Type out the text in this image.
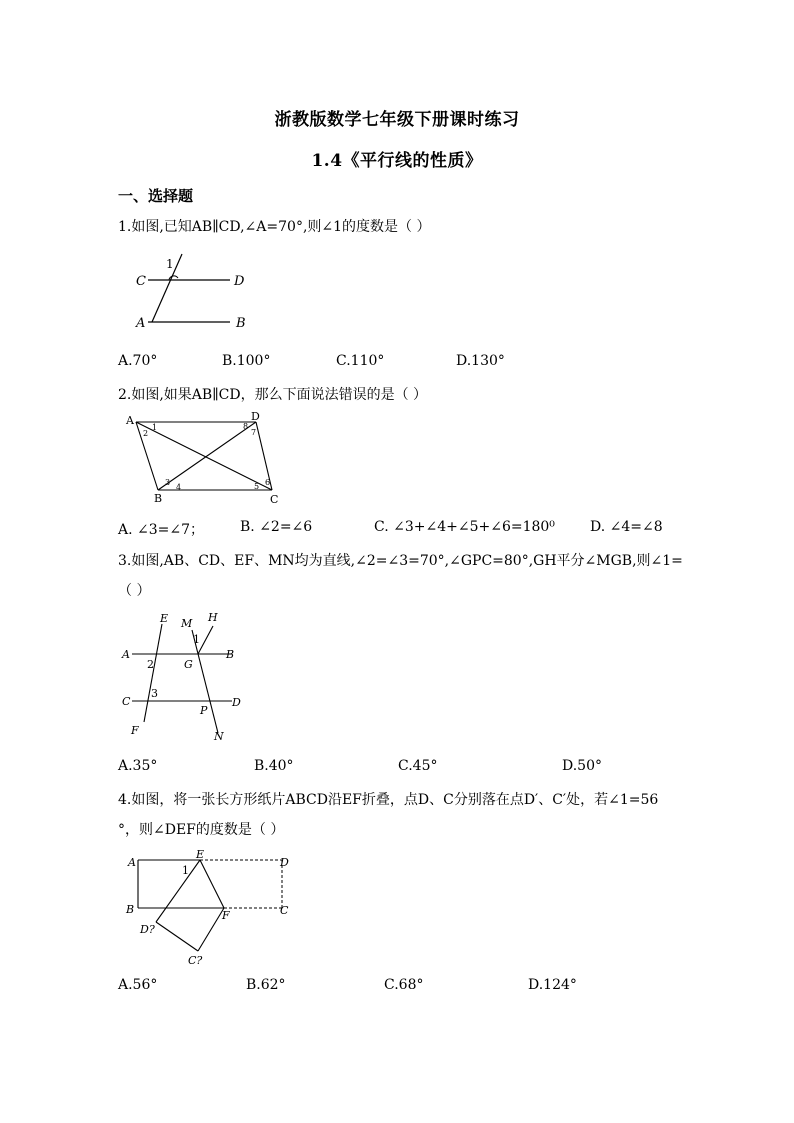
浙教版数学七年级下册课时练习
1.4《平行线的性质》
一、选择题
1.如图,已知AB∥CD,∠A=70°,则∠1的度数是（ ）
C	D
A	B
1
A.70°	B.100°	C.110°	D.130°
2.如图,如果AB∥CD，那么下面说法错误的是（ ）
A	D
B	C
1
2
3
4	5 6
7
8
A. ∠3=∠7；	B. ∠2=∠6	C. ∠3+∠4+∠5+∠6=180⁰	D. ∠4=∠8
3.如图,AB、CD、EF、MN均为直线,∠2=∠3=70°,∠GPC=80°,GH平分∠MGB,则∠1=
（ ）
E M H
1
A
2	G
B
C
3
P
D
F	N
A.35°	B.40°	C.45°	D.50°
4.如图，将一张长方形纸片ABCD沿EF折叠，点D、C分别落在点D′、C′处，若∠1=56
°，则∠DEF的度数是（ ）
A
E
D
1
B	F	C
D?
C?
A.56°	B.62°	C.68°	D.124°
